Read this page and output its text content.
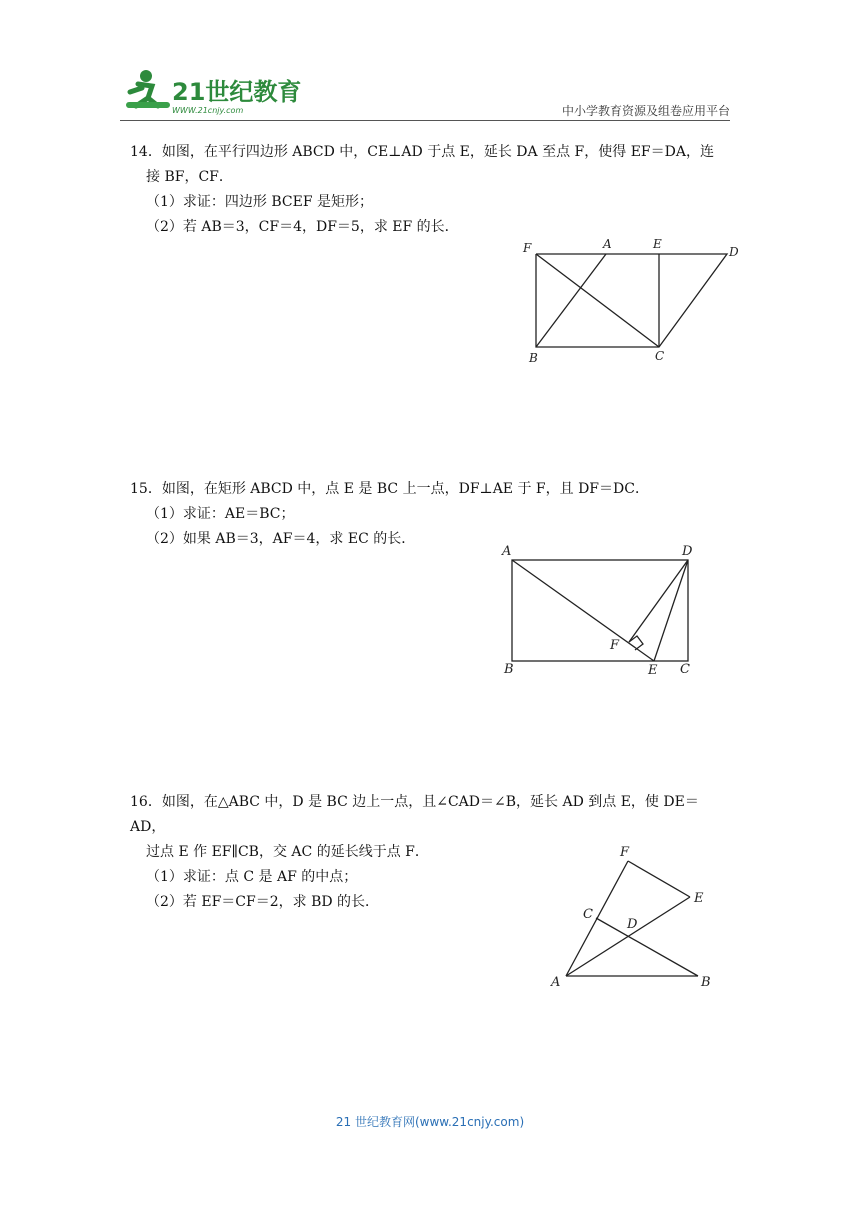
21世纪教育
WWW.21cnjy.com	中小学教育资源及组卷应用平台

14．如图，在平行四边形 ABCD 中，CE⊥AD 于点 E，延长 DA 至点 F，使得 EF＝DA，连

接 BF，CF．

（1）求证：四边形 BCEF 是矩形；

（2）若 AB＝3，CF＝4，DF＝5，求 EF 的长．

F	A	E
D
B	C

15．如图，在矩形 ABCD 中，点 E 是 BC 上一点，DF⊥AE 于 F，且 DF＝DC．

（1）求证：AE＝BC；

（2）如果 AB＝3，AF＝4，求 EC 的长．

A	D
F
B	E C

16．如图，在△ABC 中，D 是 BC 边上一点，且∠CAD＝∠B，延长 AD 到点 E，使 DE＝AD，

过点 E 作 EF∥CB，交 AC 的延长线于点 F．

（1）求证：点 C 是 AF 的中点；

（2）若 EF＝CF＝2，求 BD 的长．

F
E
C
D
A	B
21 世纪教育网(www.21cnjy.com)
